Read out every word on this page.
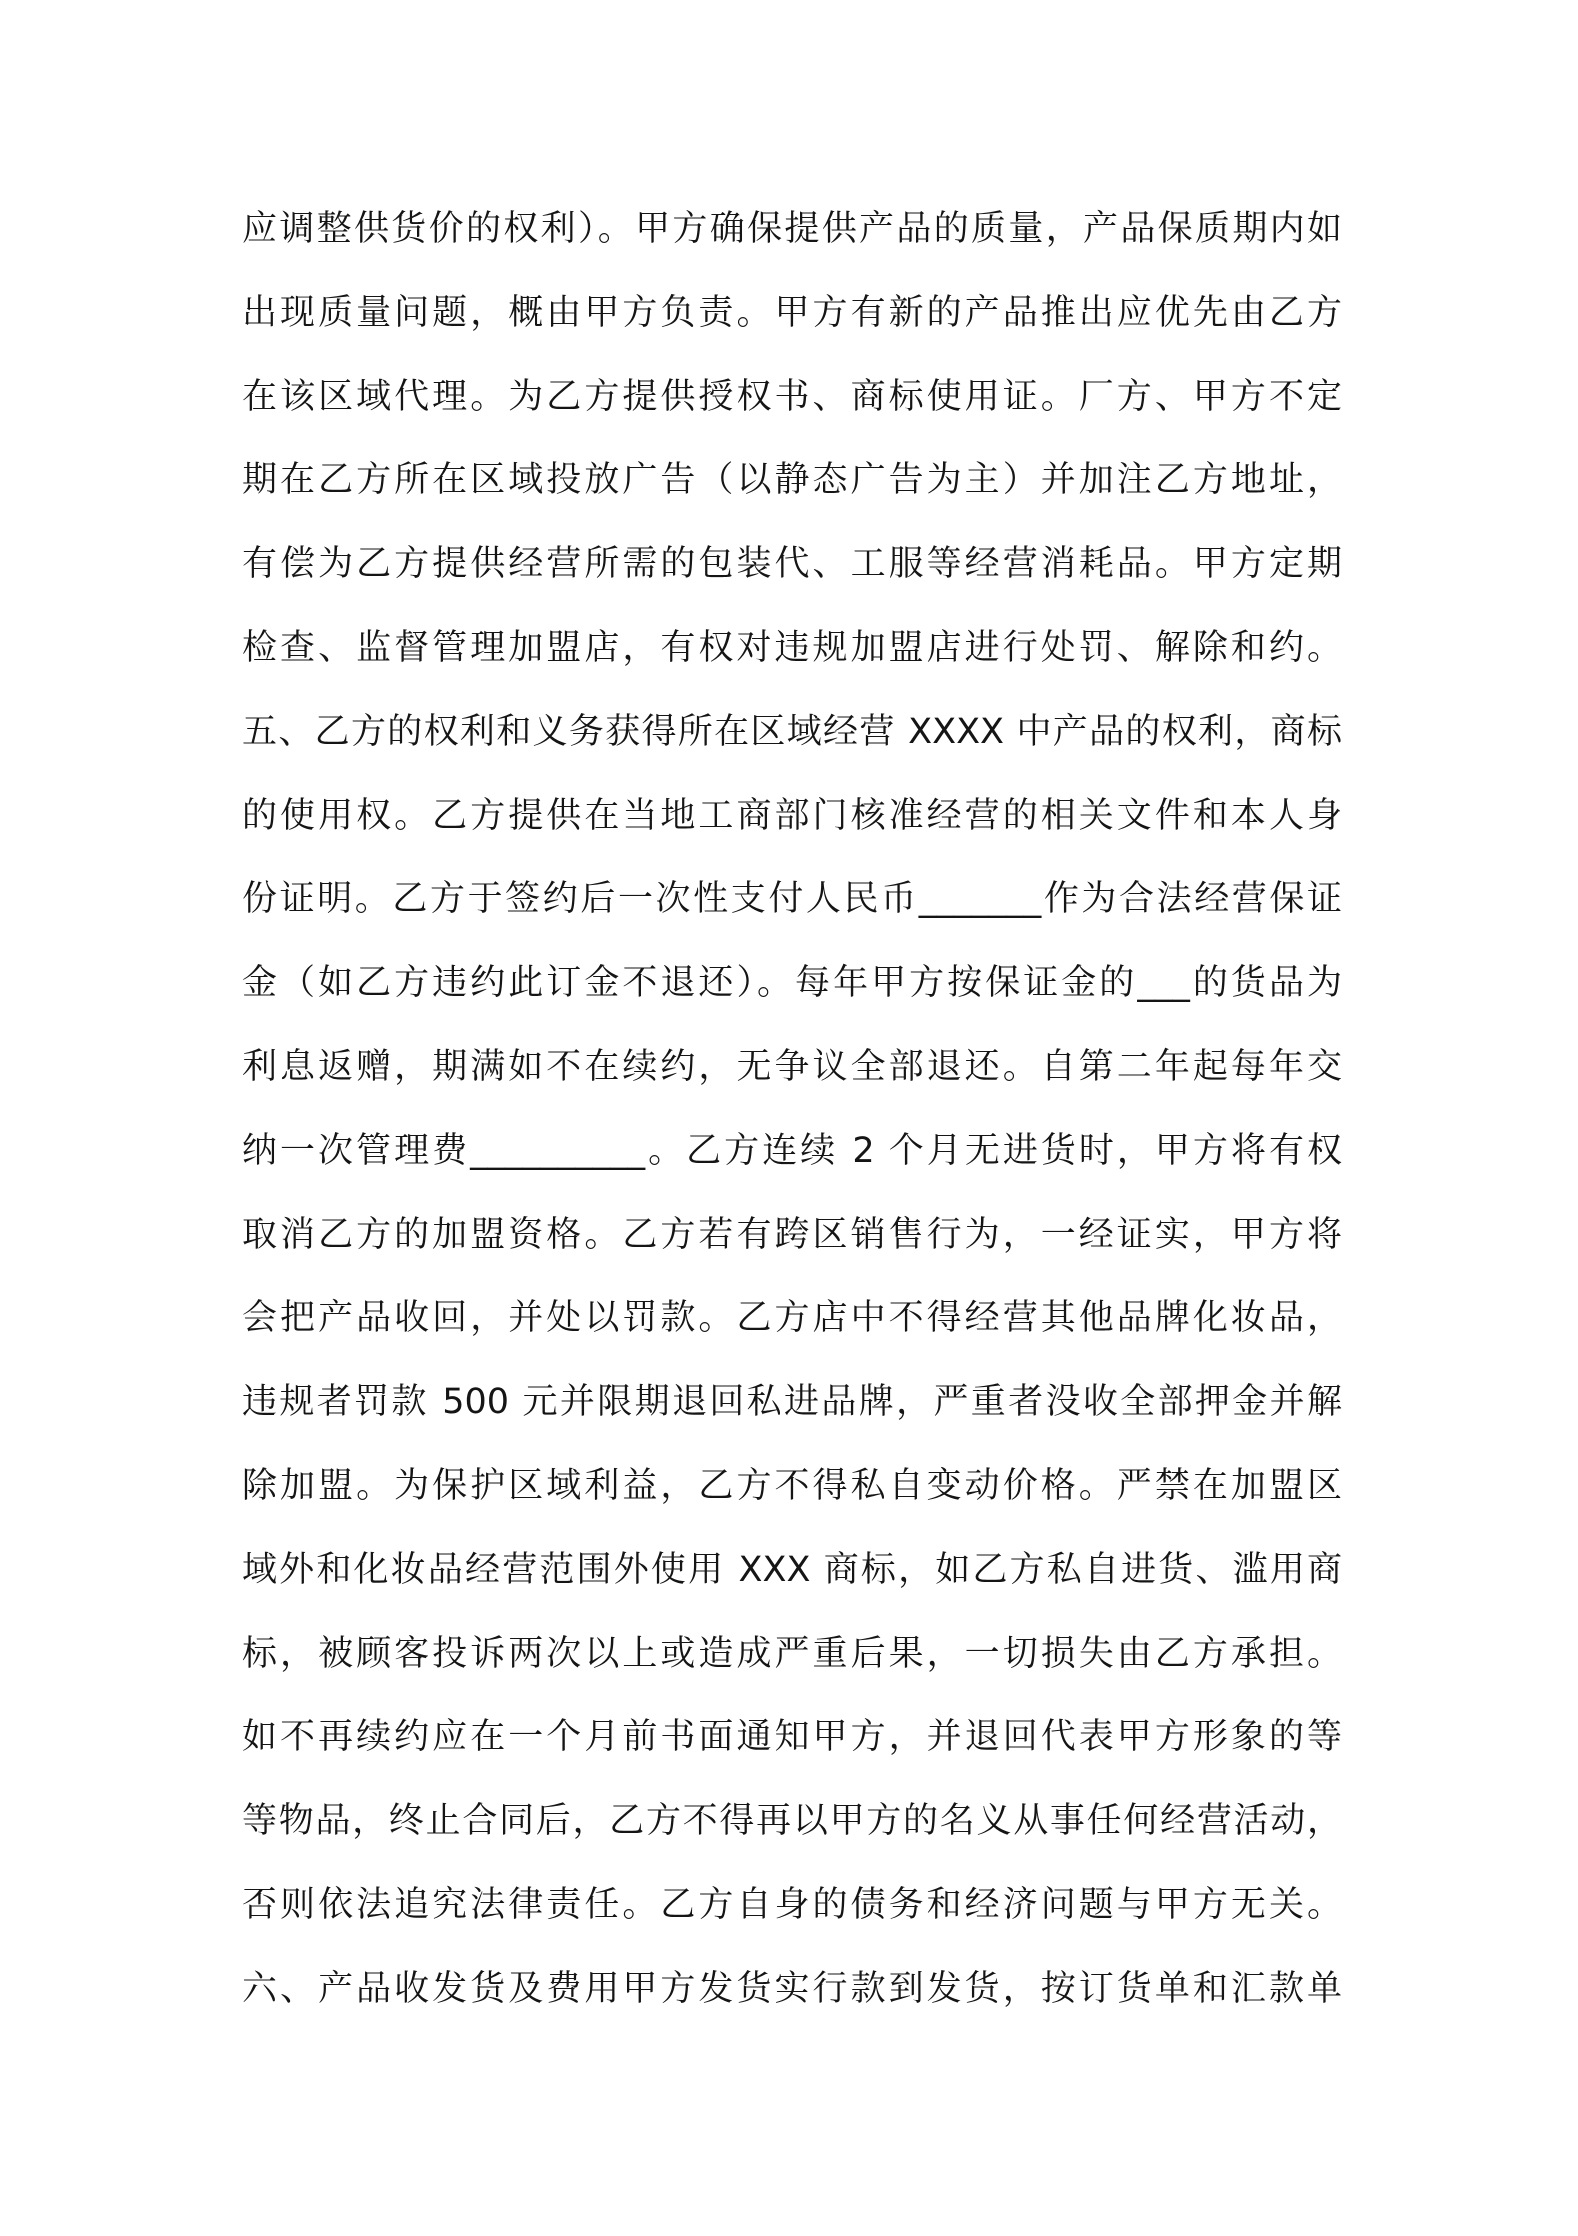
应调整供货价的权利）。甲方确保提供产品的质量，产品保质期内如
出现质量问题，概由甲方负责。甲方有新的产品推出应优先由乙方
在该区域代理。为乙方提供授权书、商标使用证。厂方、甲方不定
期在乙方所在区域投放广告（以静态广告为主）并加注乙方地址，
有偿为乙方提供经营所需的包装代、工服等经营消耗品。甲方定期
检查、监督管理加盟店，有权对违规加盟店进行处罚、解除和约。
五、乙方的权利和义务获得所在区域经营 XXXX 中产品的权利，商标
的使用权。乙方提供在当地工商部门核准经营的相关文件和本人身
份证明。乙方于签约后一次性支付人民币_______作为合法经营保证
金（如乙方违约此订金不退还）。每年甲方按保证金的___的货品为
利息返赠，期满如不在续约，无争议全部退还。自第二年起每年交
纳一次管理费__________。乙方连续 2 个月无进货时，甲方将有权
取消乙方的加盟资格。乙方若有跨区销售行为，一经证实，甲方将
会把产品收回，并处以罚款。乙方店中不得经营其他品牌化妆品，
违规者罚款 500 元并限期退回私进品牌，严重者没收全部押金并解
除加盟。为保护区域利益，乙方不得私自变动价格。严禁在加盟区
域外和化妆品经营范围外使用 XXX 商标，如乙方私自进货、滥用商
标，被顾客投诉两次以上或造成严重后果，一切损失由乙方承担。
如不再续约应在一个月前书面通知甲方，并退回代表甲方形象的等
等物品，终止合同后，乙方不得再以甲方的名义从事任何经营活动，
否则依法追究法律责任。乙方自身的债务和经济问题与甲方无关。
六、产品收发货及费用甲方发货实行款到发货，按订货单和汇款单
